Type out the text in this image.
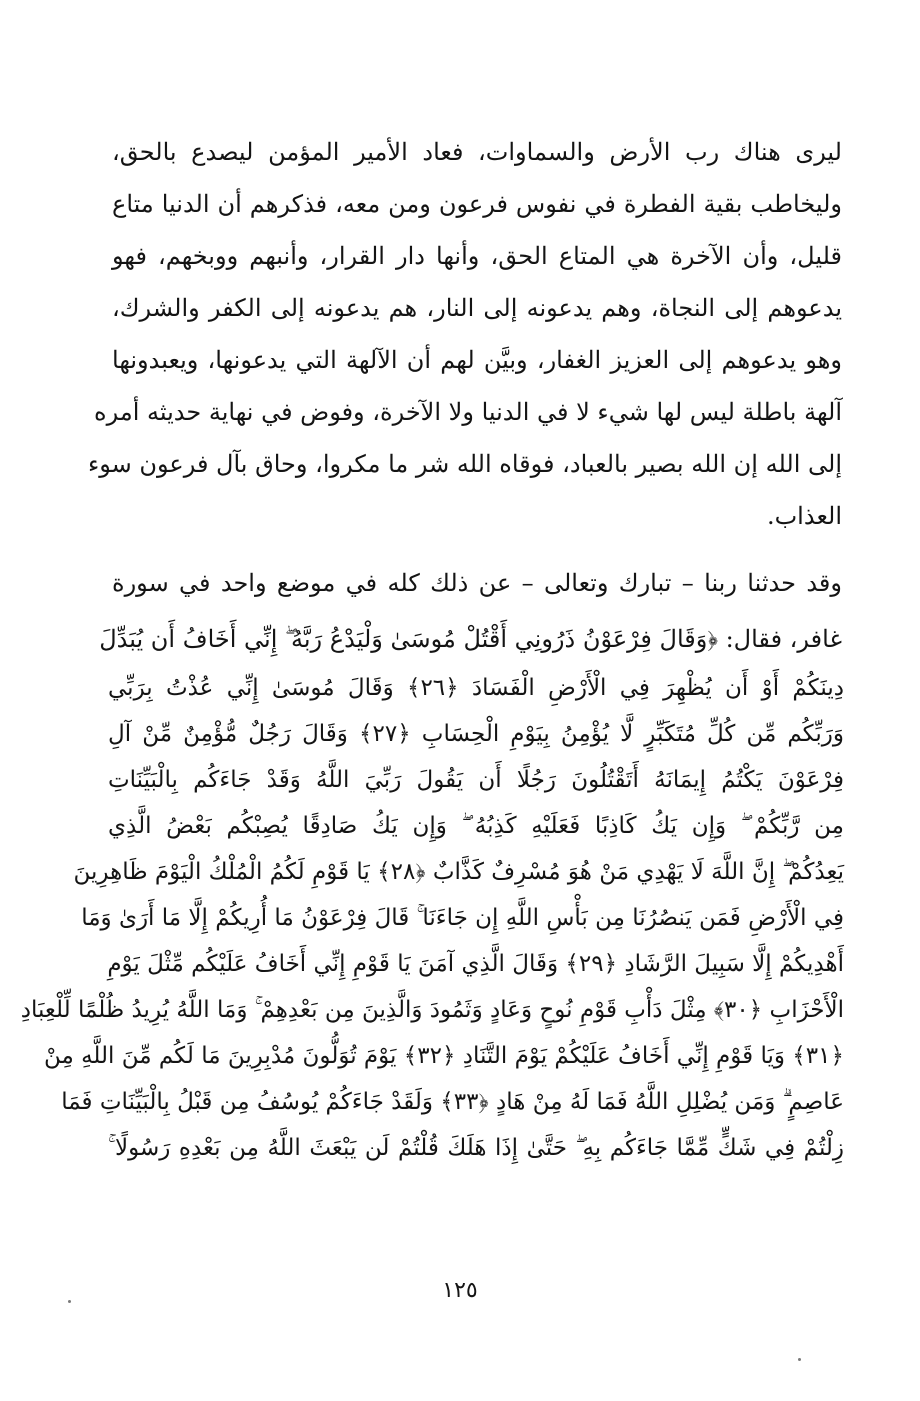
ليرى هناك رب الأرض والسماوات، فعاد الأمير المؤمن ليصدع بالحق،
وليخاطب بقية الفطرة في نفوس فرعون ومن معه، فذكرهم أن الدنيا متاع
قليل، وأن الآخرة هي المتاع الحق، وأنها دار القرار، وأنبهم ووبخهم، فهو
يدعوهم إلى النجاة، وهم يدعونه إلى النار، هم يدعونه إلى الكفر والشرك،
وهو يدعوهم إلى العزيز الغفار، وبيَّن لهم أن الآلهة التي يدعونها، ويعبدونها
آلهة باطلة ليس لها شيء لا في الدنيا ولا الآخرة، وفوض في نهاية حديثه أمره
إلى الله إن الله بصير بالعباد، فوقاه الله شر ما مكروا، وحاق بآل فرعون سوء
العذاب.
وقد حدثنا ربنا – تبارك وتعالى – عن ذلك كله في موضع واحد في سورة
غافر، فقال: ﴿وَقَالَ فِرْعَوْنُ ذَرُونِي أَقْتُلْ مُوسَىٰ وَلْيَدْعُ رَبَّهُ ۖ إِنِّي أَخَافُ أَن يُبَدِّلَ
دِينَكُمْ أَوْ أَن يُظْهِرَ فِي الْأَرْضِ الْفَسَادَ ﴿٢٦﴾ وَقَالَ مُوسَىٰ إِنِّي عُذْتُ بِرَبِّي
وَرَبِّكُم مِّن كُلِّ مُتَكَبِّرٍ لَّا يُؤْمِنُ بِيَوْمِ الْحِسَابِ ﴿٢٧﴾ وَقَالَ رَجُلٌ مُّؤْمِنٌ مِّنْ آلِ
فِرْعَوْنَ يَكْتُمُ إِيمَانَهُ أَتَقْتُلُونَ رَجُلًا أَن يَقُولَ رَبِّيَ اللَّهُ وَقَدْ جَاءَكُم بِالْبَيِّنَاتِ
مِن رَّبِّكُمْ ۖ وَإِن يَكُ كَاذِبًا فَعَلَيْهِ كَذِبُهُ ۖ وَإِن يَكُ صَادِقًا يُصِبْكُم بَعْضُ الَّذِي
يَعِدُكُمْ ۖ إِنَّ اللَّهَ لَا يَهْدِي مَنْ هُوَ مُسْرِفٌ كَذَّابٌ ﴿٢٨﴾ يَا قَوْمِ لَكُمُ الْمُلْكُ الْيَوْمَ ظَاهِرِينَ
فِي الْأَرْضِ فَمَن يَنصُرُنَا مِن بَأْسِ اللَّهِ إِن جَاءَنَا ۚ قَالَ فِرْعَوْنُ مَا أُرِيكُمْ إِلَّا مَا أَرَىٰ وَمَا
أَهْدِيكُمْ إِلَّا سَبِيلَ الرَّشَادِ ﴿٢٩﴾ وَقَالَ الَّذِي آمَنَ يَا قَوْمِ إِنِّي أَخَافُ عَلَيْكُم مِّثْلَ يَوْمِ
الْأَحْزَابِ ﴿٣٠﴾ مِثْلَ دَأْبِ قَوْمِ نُوحٍ وَعَادٍ وَثَمُودَ وَالَّذِينَ مِن بَعْدِهِمْ ۚ وَمَا اللَّهُ يُرِيدُ ظُلْمًا لِّلْعِبَادِ
﴿٣١﴾ وَيَا قَوْمِ إِنِّي أَخَافُ عَلَيْكُمْ يَوْمَ التَّنَادِ ﴿٣٢﴾ يَوْمَ تُوَلُّونَ مُدْبِرِينَ مَا لَكُم مِّنَ اللَّهِ مِنْ
عَاصِمٍ ۗ وَمَن يُضْلِلِ اللَّهُ فَمَا لَهُ مِنْ هَادٍ ﴿٣٣﴾ وَلَقَدْ جَاءَكُمْ يُوسُفُ مِن قَبْلُ بِالْبَيِّنَاتِ فَمَا
زِلْتُمْ فِي شَكٍّ مِّمَّا جَاءَكُم بِهِ ۖ حَتَّىٰ إِذَا هَلَكَ قُلْتُمْ لَن يَبْعَثَ اللَّهُ مِن بَعْدِهِ رَسُولًا ۚ
١٢٥
